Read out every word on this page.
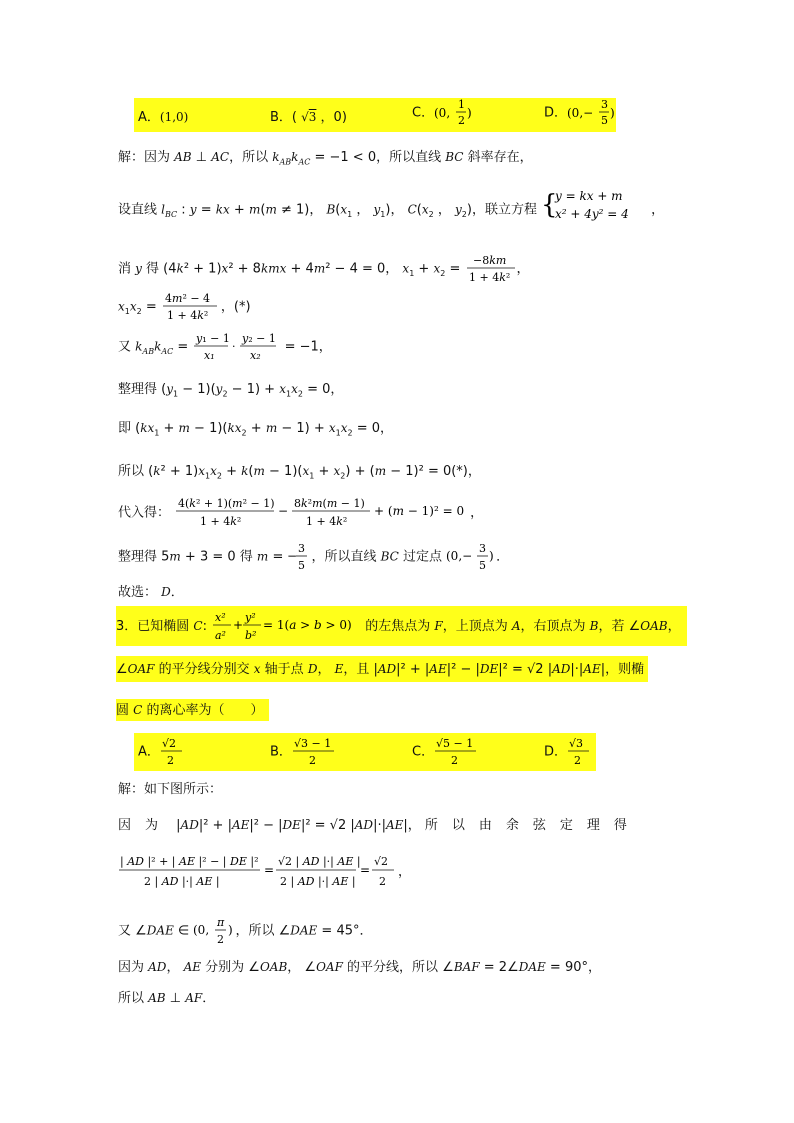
A．(1,0)	B．( √3 ，0)	C． (0,
1
2
)	D． (0,−
3
5
)
解：因为 AB ⊥ AC，所以 $k_{AB}k_{AC} = -1 < 0$，所以直线 BC 斜率存在，
设直线 $l_{BC}$ : y = kx + m(m ≠ 1)， $B(x_1$ ， $y_1$)， $C(x_2$ ， $y_2$)，联立方程 {
y = kx + m
x² + 4y² = 4 ，
消 y 得 (4k² + 1)x² + 8kmx + 4m² − 4 = 0， $x_1 + x_2$ =
−8km
1 + 4k²
，
$x_1x_2$ =
4m² − 4
1 + 4k²
，(*)
又 $k_{AB}k_{AC}$ =
y₁ − 1
x₁
·
y₂ − 1
x₂
= −1，
整理得 $(y_1 - 1)(y_2 - 1) + x_1x_2 = 0$，
即 $(kx_1 + m - 1)(kx_2 + m - 1) + x_1x_2 = 0$，
所以 $(k^2 + 1)x_1x_2 + k(m - 1)(x_1 + x_2) + (m - 1)^2 = 0(*)$，
代入得：
4(k² + 1)(m² − 1)
1 + 4k²
−
8k²m(m − 1)
1 + 4k²
+ (m − 1)² = 0 ，
整理得 5m + 3 = 0 得 m = −
3
5
，所以直线 BC 过定点 (0,−
3
5
) ．
故选： D．
3．已知椭圆 C:
x²
a²
+
y²
b²
= 1(a > b > 0) 的左焦点为 F，上顶点为 A，右顶点为 B，若 ∠OAB，
∠OAF 的平分线分别交 x 轴于点 D， E，且 |AD|² + |AE|² − |DE|² = √2 |AD|·|AE|，则椭
圆 C 的离心率为（　　）
A．
√2
2
B．
√3 − 1
2
C．
√5 − 1
2
D．
√3
2
解：如下图所示：
因为 |AD|² + |AE|² − |DE|² = √2 |AD|·|AE|， 所以由余弦定理得
| AD |² + | AE |² − | DE |²
2 | AD |·| AE |
=
√2 | AD |·| AE |
2 | AD |·| AE |
=
√2
2
，
又 ∠DAE ∈ (0,
π
2
) ，所以 ∠DAE = 45°．
因为 AD， AE 分别为 ∠OAB， ∠OAF 的平分线，所以 ∠BAF = 2∠DAE = 90°，
所以 AB ⊥ AF．
